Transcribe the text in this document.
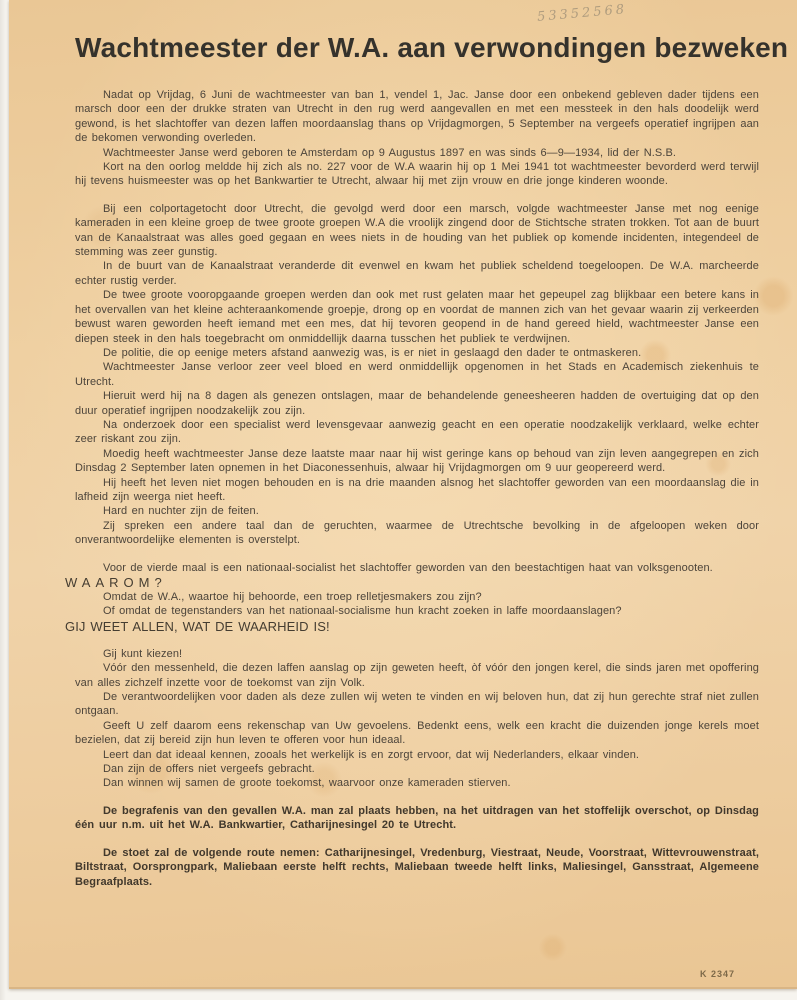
53352568
Wachtmeester der W.A. aan verwondingen bezweken

Nadat op Vrijdag, 6 Juni de wachtmeester van ban 1, vendel 1, Jac. Janse door een onbekend gebleven dader tijdens een marsch door een der drukke straten van Utrecht in den rug werd aangevallen en met een messteek in den hals doodelijk werd gewond, is het slachtoffer van dezen laffen moordaanslag thans op Vrijdagmorgen, 5 September na vergeefs operatief ingrijpen aan de bekomen verwonding overleden.

Wachtmeester Janse werd geboren te Amsterdam op 9 Augustus 1897 en was sinds 6—9—1934, lid der N.S.B.

Kort na den oorlog meldde hij zich als no. 227 voor de W.A waarin hij op 1 Mei 1941 tot wachtmeester bevorderd werd terwijl hij tevens huismeester was op het Bankwartier te Utrecht, alwaar hij met zijn vrouw en drie jonge kinderen woonde.

Bij een colportagetocht door Utrecht, die gevolgd werd door een marsch, volgde wachtmeester Janse met nog eenige kameraden in een kleine groep de twee groote groepen W.A die vroolijk zingend door de Stichtsche straten trokken. Tot aan de buurt van de Kanaalstraat was alles goed gegaan en wees niets in de houding van het publiek op komende incidenten, integendeel de stemming was zeer gunstig.

In de buurt van de Kanaalstraat veranderde dit evenwel en kwam het publiek scheldend toegeloopen. De W.A. marcheerde echter rustig verder.

De twee groote vooropgaande groepen werden dan ook met rust gelaten maar het gepeupel zag blijkbaar een betere kans in het overvallen van het kleine achteraankomende groepje, drong op en voordat de mannen zich van het gevaar waarin zij verkeerden bewust waren geworden heeft iemand met een mes, dat hij tevoren geopend in de hand gereed hield, wachtmeester Janse een diepen steek in den hals toegebracht om onmiddellijk daarna tusschen het publiek te verdwijnen.

De politie, die op eenige meters afstand aanwezig was, is er niet in geslaagd den dader te ontmaskeren.

Wachtmeester Janse verloor zeer veel bloed en werd onmiddellijk opgenomen in het Stads en Academisch ziekenhuis te Utrecht.

Hieruit werd hij na 8 dagen als genezen ontslagen, maar de behandelende geneesheeren hadden de overtuiging dat op den duur operatief ingrijpen noodzakelijk zou zijn.

Na onderzoek door een specialist werd levensgevaar aanwezig geacht en een operatie noodzakelijk verklaard, welke echter zeer riskant zou zijn.

Moedig heeft wachtmeester Janse deze laatste maar naar hij wist geringe kans op behoud van zijn leven aangegrepen en zich Dinsdag 2 September laten opnemen in het Diaconessenhuis, alwaar hij Vrijdagmorgen om 9 uur geopereerd werd.

Hij heeft het leven niet mogen behouden en is na drie maanden alsnog het slachtoffer geworden van een moordaanslag die in lafheid zijn weerga niet heeft.

Hard en nuchter zijn de feiten.

Zij spreken een andere taal dan de geruchten, waarmee de Utrechtsche bevolking in de afgeloopen weken door onverantwoordelijke elementen is overstelpt.

Voor de vierde maal is een nationaal-socialist het slachtoffer geworden van den beestachtigen haat van volksgenooten.

WAAROM?

Omdat de W.A., waartoe hij behoorde, een troep relletjesmakers zou zijn?

Of omdat de tegenstanders van het nationaal-socialisme hun kracht zoeken in laffe moordaanslagen?

GIJ WEET ALLEN, WAT DE WAARHEID IS!

Gij kunt kiezen!

Vóór den messenheld, die dezen laffen aanslag op zijn geweten heeft, òf vóór den jongen kerel, die sinds jaren met opoffering van alles zichzelf inzette voor de toekomst van zijn Volk.

De verantwoordelijken voor daden als deze zullen wij weten te vinden en wij beloven hun, dat zij hun gerechte straf niet zullen ontgaan.

Geeft U zelf daarom eens rekenschap van Uw gevoelens. Bedenkt eens, welk een kracht die duizenden jonge kerels moet bezielen, dat zij bereid zijn hun leven te offeren voor hun ideaal.

Leert dan dat ideaal kennen, zooals het werkelijk is en zorgt ervoor, dat wij Nederlanders, elkaar vinden.

Dan zijn de offers niet vergeefs gebracht.

Dan winnen wij samen de groote toekomst, waarvoor onze kameraden stierven.

De begrafenis van den gevallen W.A. man zal plaats hebben, na het uitdragen van het stoffelijk overschot, op Dinsdag één uur n.m. uit het W.A. Bankwartier, Catharijnesingel 20 te Utrecht.

De stoet zal de volgende route nemen: Catharijnesingel, Vredenburg, Viestraat, Neude, Voorstraat, Wittevrouwenstraat, Biltstraat, Oorsprongpark, Maliebaan eerste helft rechts, Maliebaan tweede helft links, Maliesingel, Gansstraat, Algemeene Begraafplaats.

K 2347
